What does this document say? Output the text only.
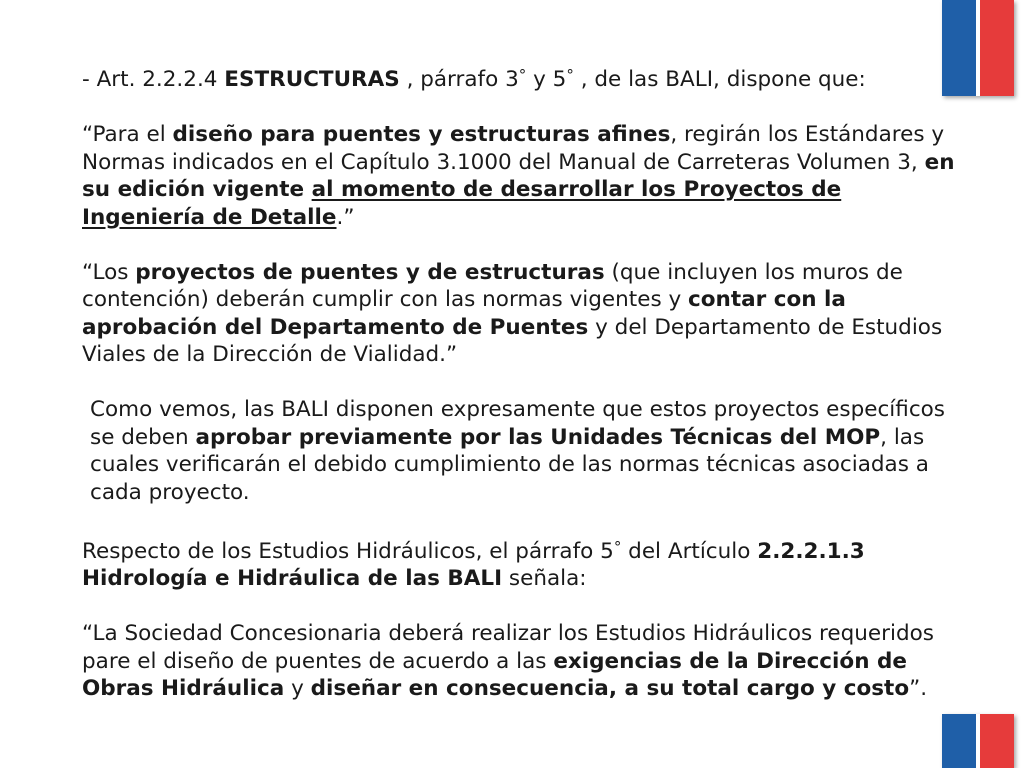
- Art. 2.2.2.4 ESTRUCTURAS , párrafo 3° y 5° , de las BALI, dispone que:

“Para el diseño para puentes y estructuras afines, regirán los Estándares y Normas indicados en el Capítulo 3.1000 del Manual de Carreteras Volumen 3, en su edición vigente al momento de desarrollar los Proyectos de Ingeniería de Detalle.”

“Los proyectos de puentes y de estructuras (que incluyen los muros de contención) deberán cumplir con las normas vigentes y contar con la aprobación del Departamento de Puentes y del Departamento de Estudios Viales de la Dirección de Vialidad.”

Como vemos, las BALI disponen expresamente que estos proyectos específicos se deben aprobar previamente por las Unidades Técnicas del MOP, las cuales verificarán el debido cumplimiento de las normas técnicas asociadas a cada proyecto.

Respecto de los Estudios Hidráulicos, el párrafo 5° del Artículo 2.2.2.1.3 Hidrología e Hidráulica de las BALI señala:

“La Sociedad Concesionaria deberá realizar los Estudios Hidráulicos requeridos pare el diseño de puentes de acuerdo a las exigencias de la Dirección de Obras Hidráulica y diseñar en consecuencia, a su total cargo y costo”.
